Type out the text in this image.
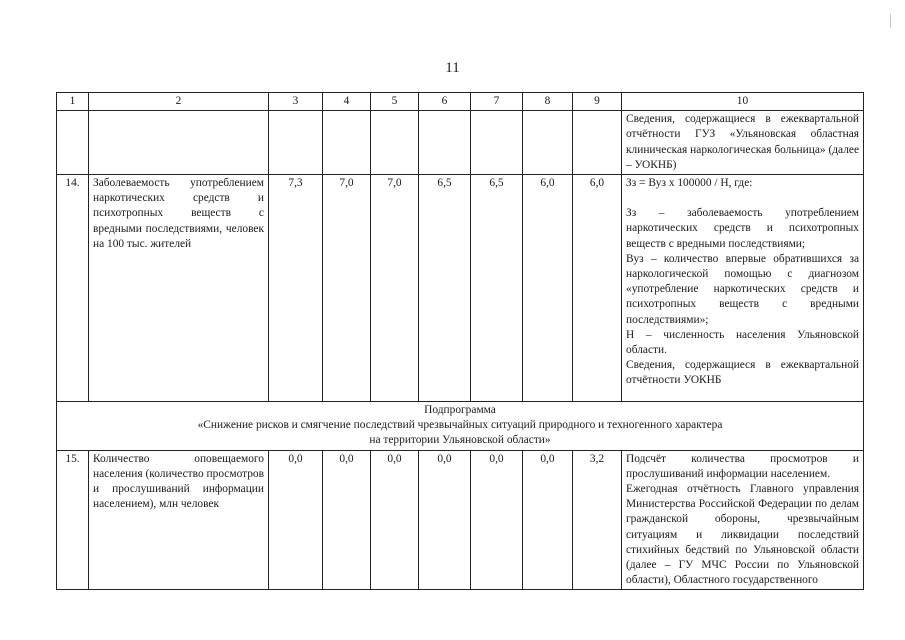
11
1	2	3	4	5	6	7	8	9	10
									Сведения, содержащиеся в ежеквартальной отчётности ГУЗ «Ульяновская областная клиническая наркологическая больница» (далее – УОКНБ)
14.	Заболеваемость употреблением наркотических средств и психотропных веществ с вредными последствиями, человек на 100 тыс. жителей	7,3	7,0	7,0	6,5	6,5	6,0	6,0	Зз = Вуз х 100000 / Н, где:
Зз – заболеваемость употреблением наркотических средств и психотропных веществ с вредными последствиями;
Вуз – количество впервые обратившихся за наркологической помощью с диагнозом «употребление наркотических средств и психотропных веществ с вредными последствиями»;
Н – численность населения Ульяновской области.
Сведения, содержащиеся в ежеквартальной отчётности УОКНБ

Подпрограмма
«Снижение рисков и смягчение последствий чрезвычайных ситуаций природного и техногенного характера
на территории Ульяновской области»									

15.	Количество оповещаемого населения (количество просмотров и прослушиваний информации населением), млн человек	0,0	0,0	0,0	0,0	0,0	0,0	3,2	Подсчёт количества просмотров и прослушиваний информации населением.
Ежегодная отчётность Главного управления Министерства Российской Федерации по делам гражданской обороны, чрезвычайным ситуациям и ликвидации последствий стихийных бедствий по Ульяновской области (далее – ГУ МЧС России по Ульяновской области), Областного государственного
